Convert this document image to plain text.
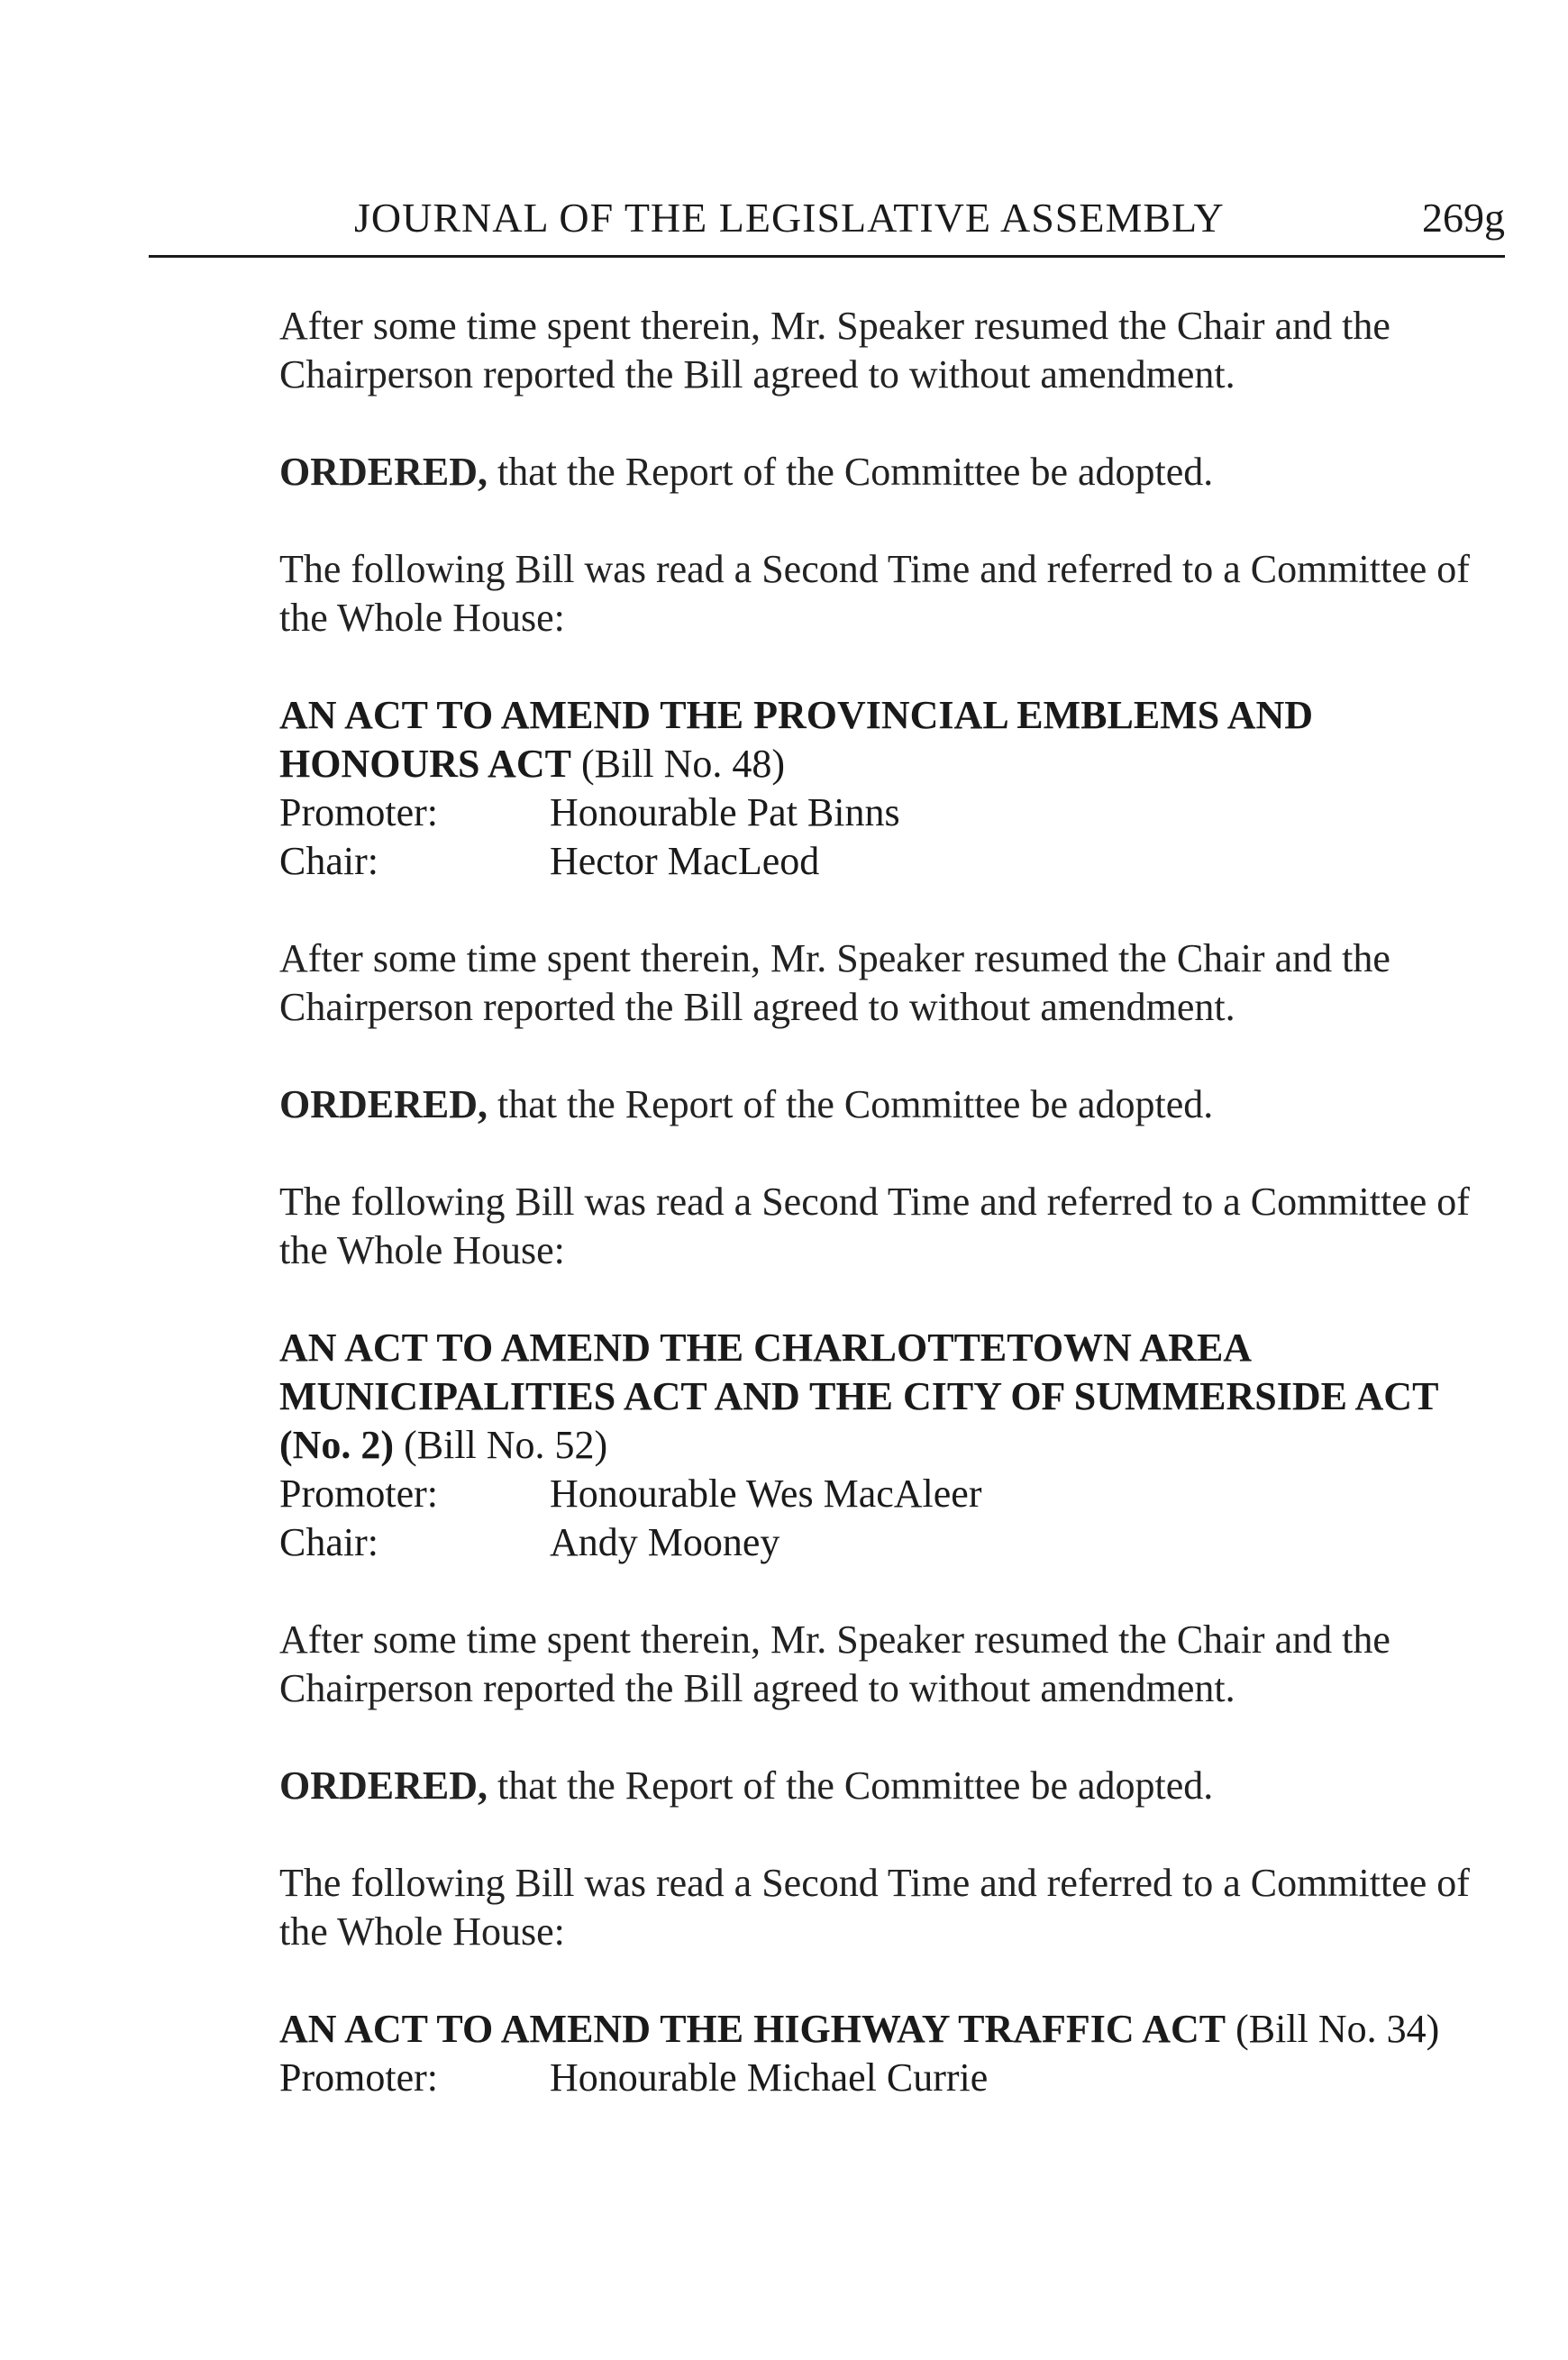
JOURNAL OF THE LEGISLATIVE ASSEMBLY	269g

After some time spent therein, Mr. Speaker resumed the Chair and the Chairperson reported the Bill agreed to without amendment.

ORDERED, that the Report of the Committee be adopted.

The following Bill was read a Second Time and referred to a Committee of the Whole House:

AN ACT TO AMEND THE PROVINCIAL EMBLEMS AND HONOURS ACT (Bill No. 48)

Promoter:	Honourable Pat Binns
Chair:	Hector MacLeod

After some time spent therein, Mr. Speaker resumed the Chair and the Chairperson reported the Bill agreed to without amendment.

ORDERED, that the Report of the Committee be adopted.

The following Bill was read a Second Time and referred to a Committee of the Whole House:

AN ACT TO AMEND THE CHARLOTTETOWN AREA MUNICIPALITIES ACT AND THE CITY OF SUMMERSIDE ACT (No. 2) (Bill No. 52)

Promoter:	Honourable Wes MacAleer
Chair:	Andy Mooney

After some time spent therein, Mr. Speaker resumed the Chair and the Chairperson reported the Bill agreed to without amendment.

ORDERED, that the Report of the Committee be adopted.

The following Bill was read a Second Time and referred to a Committee of the Whole House:

AN ACT TO AMEND THE HIGHWAY TRAFFIC ACT (Bill No. 34)

Promoter:	Honourable Michael Currie
